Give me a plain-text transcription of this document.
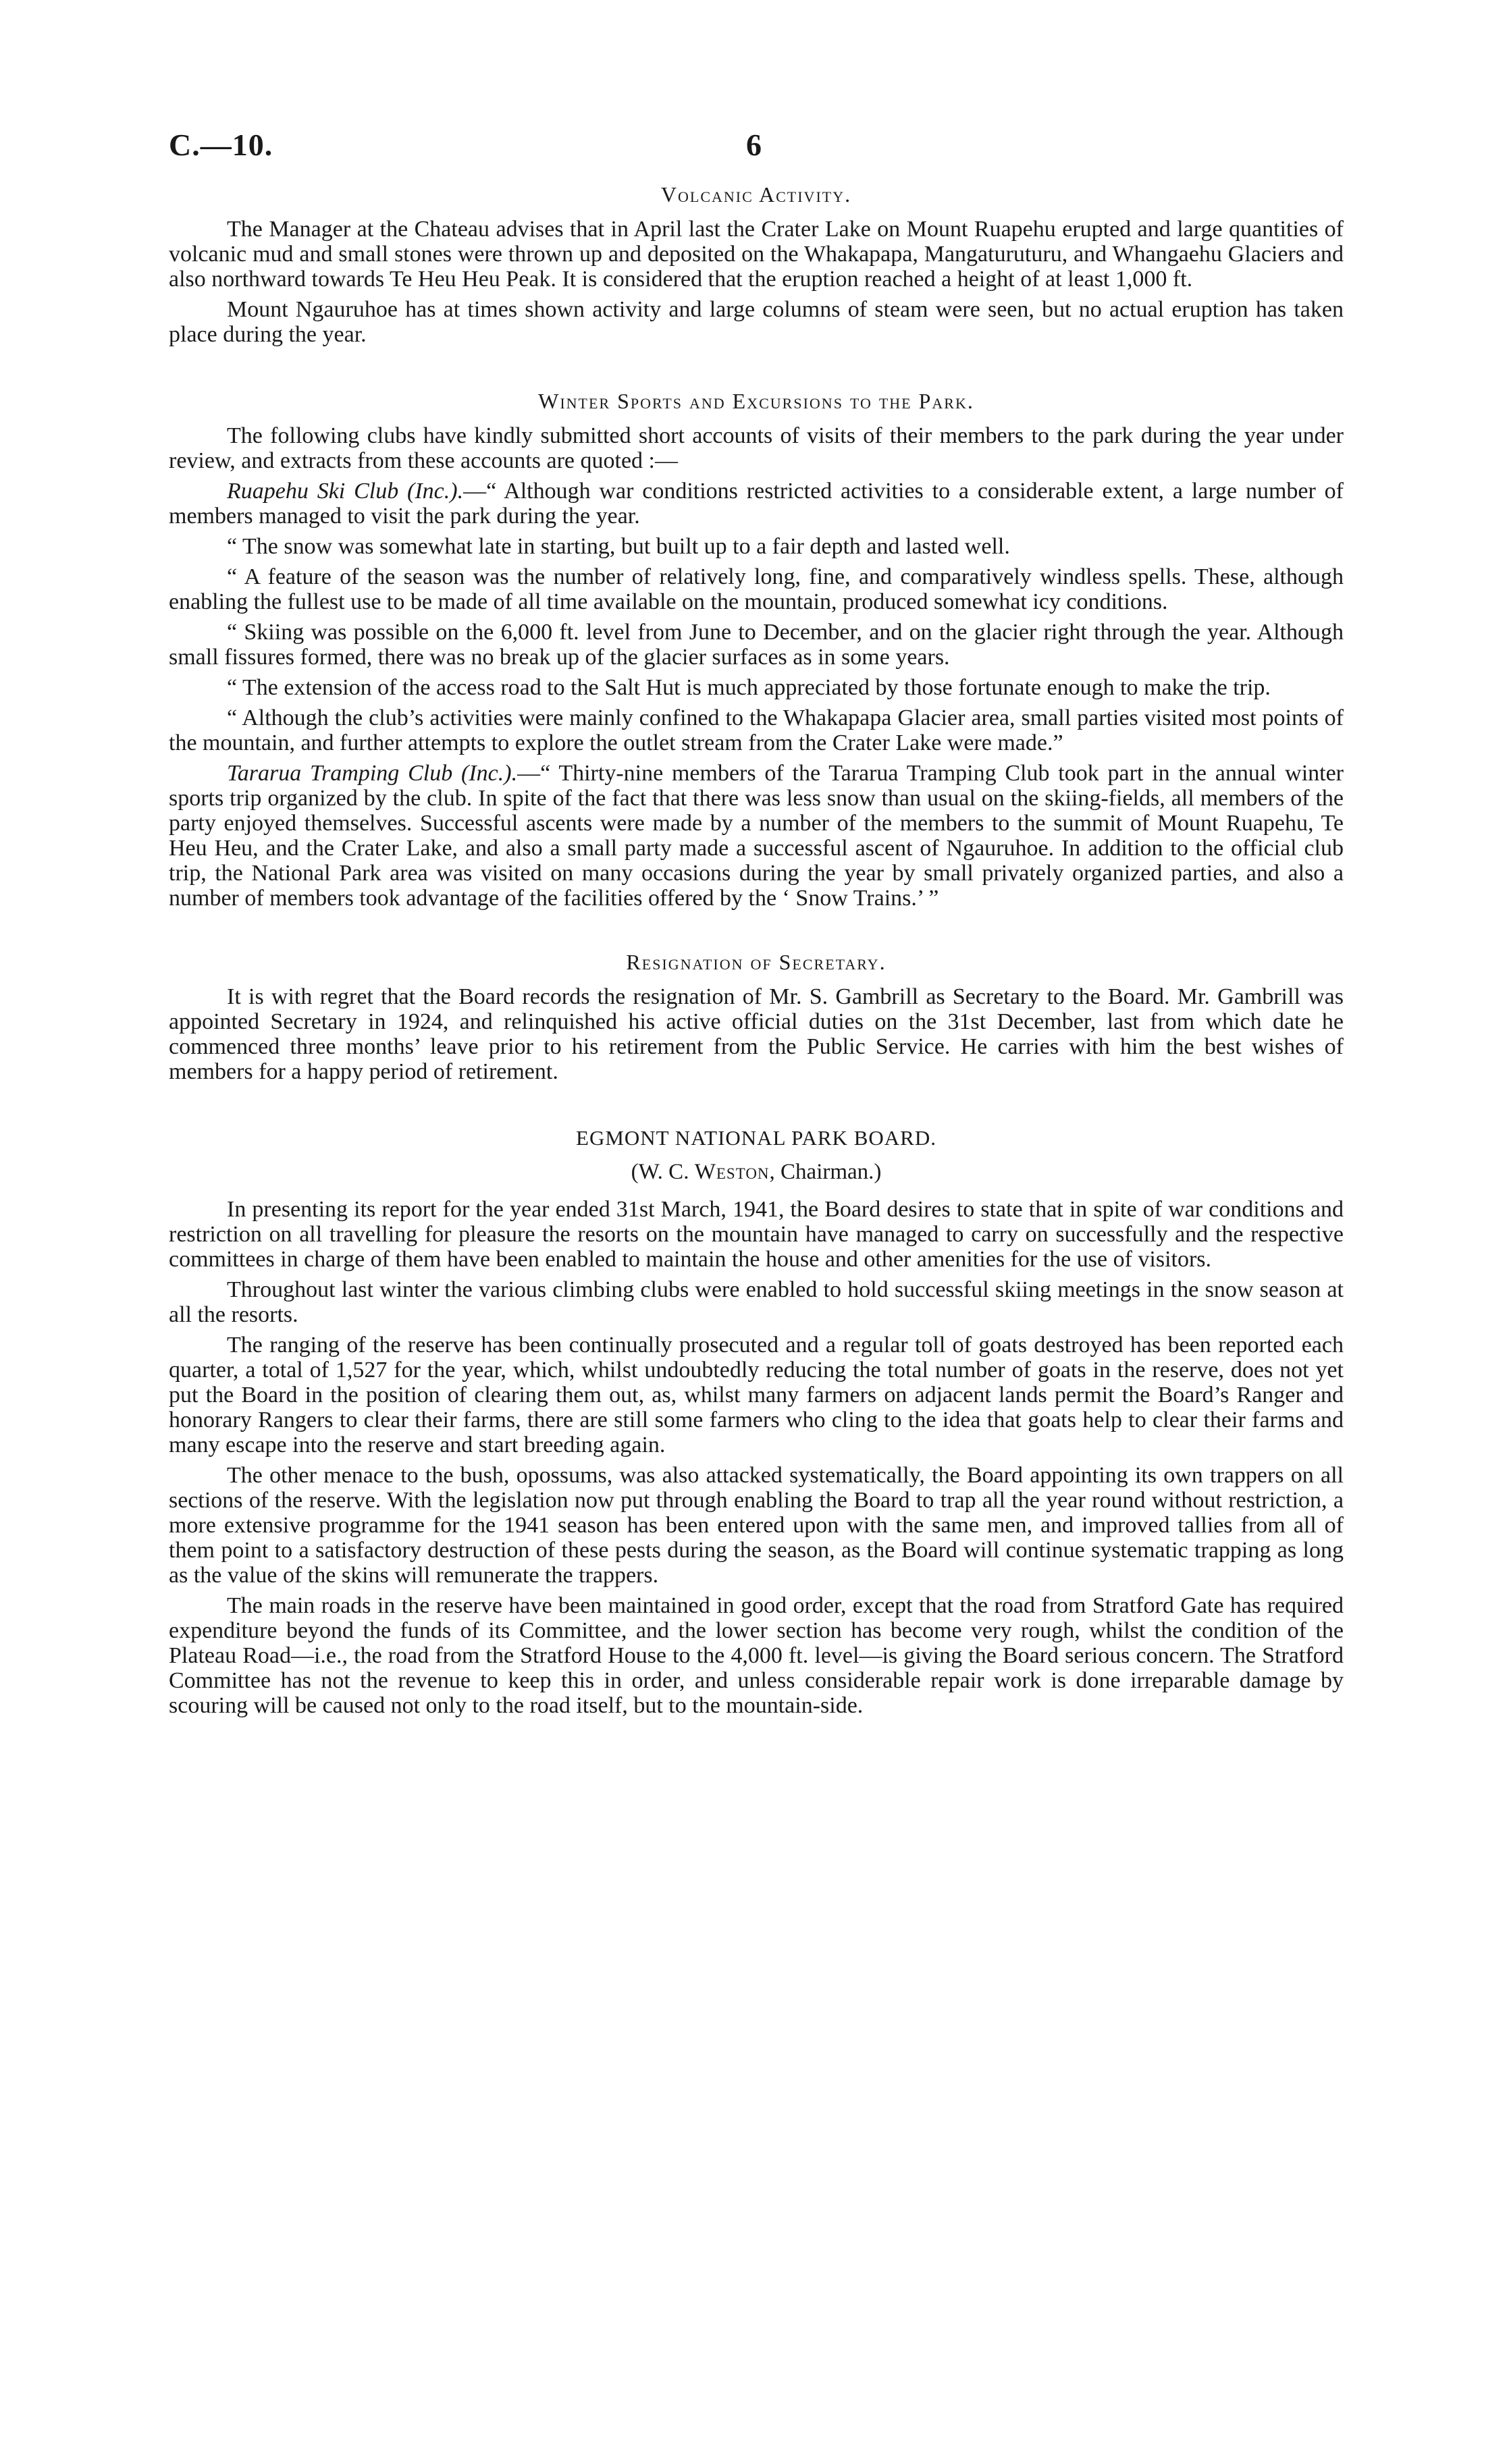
C.—10.	6
Volcanic Activity.

The Manager at the Chateau advises that in April last the Crater Lake on Mount Ruapehu erupted and large quantities of volcanic mud and small stones were thrown up and deposited on the Whakapapa, Mangaturuturu, and Whangaehu Glaciers and also northward towards Te Heu Heu Peak. It is considered that the eruption reached a height of at least 1,000 ft.

Mount Ngauruhoe has at times shown activity and large columns of steam were seen, but no actual eruption has taken place during the year.

Winter Sports and Excursions to the Park.

The following clubs have kindly submitted short accounts of visits of their members to the park during the year under review, and extracts from these accounts are quoted :—

Ruapehu Ski Club (Inc.).—“ Although war conditions restricted activities to a considerable extent, a large number of members managed to visit the park during the year.

“ The snow was somewhat late in starting, but built up to a fair depth and lasted well.

“ A feature of the season was the number of relatively long, fine, and comparatively windless spells. These, although enabling the fullest use to be made of all time available on the mountain, produced somewhat icy conditions.

“ Skiing was possible on the 6,000 ft. level from June to December, and on the glacier right through the year. Although small fissures formed, there was no break up of the glacier surfaces as in some years.

“ The extension of the access road to the Salt Hut is much appreciated by those fortunate enough to make the trip.

“ Although the club’s activities were mainly confined to the Whakapapa Glacier area, small parties visited most points of the mountain, and further attempts to explore the outlet stream from the Crater Lake were made.”

Tararua Tramping Club (Inc.).—“ Thirty-nine members of the Tararua Tramping Club took part in the annual winter sports trip organized by the club. In spite of the fact that there was less snow than usual on the skiing-fields, all members of the party enjoyed themselves. Successful ascents were made by a number of the members to the summit of Mount Ruapehu, Te Heu Heu, and the Crater Lake, and also a small party made a successful ascent of Ngauruhoe. In addition to the official club trip, the National Park area was visited on many occasions during the year by small privately organized parties, and also a number of members took advantage of the facilities offered by the ‘ Snow Trains.’ ”

Resignation of Secretary.

It is with regret that the Board records the resignation of Mr. S. Gambrill as Secretary to the Board. Mr. Gambrill was appointed Secretary in 1924, and relinquished his active official duties on the 31st December, last from which date he commenced three months’ leave prior to his retirement from the Public Service. He carries with him the best wishes of members for a happy period of retirement.

EGMONT NATIONAL PARK BOARD.
(W. C. Weston, Chairman.)

In presenting its report for the year ended 31st March, 1941, the Board desires to state that in spite of war conditions and restriction on all travelling for pleasure the resorts on the mountain have managed to carry on successfully and the respective committees in charge of them have been enabled to maintain the house and other amenities for the use of visitors.

Throughout last winter the various climbing clubs were enabled to hold successful skiing meetings in the snow season at all the resorts.

The ranging of the reserve has been continually prosecuted and a regular toll of goats destroyed has been reported each quarter, a total of 1,527 for the year, which, whilst undoubtedly reducing the total number of goats in the reserve, does not yet put the Board in the position of clearing them out, as, whilst many farmers on adjacent lands permit the Board’s Ranger and honorary Rangers to clear their farms, there are still some farmers who cling to the idea that goats help to clear their farms and many escape into the reserve and start breeding again.

The other menace to the bush, opossums, was also attacked systematically, the Board appointing its own trappers on all sections of the reserve. With the legislation now put through enabling the Board to trap all the year round without restriction, a more extensive programme for the 1941 season has been entered upon with the same men, and improved tallies from all of them point to a satisfactory destruction of these pests during the season, as the Board will continue systematic trapping as long as the value of the skins will remunerate the trappers.

The main roads in the reserve have been maintained in good order, except that the road from Stratford Gate has required expenditure beyond the funds of its Committee, and the lower section has become very rough, whilst the condition of the Plateau Road—i.e., the road from the Stratford House to the 4,000 ft. level—is giving the Board serious concern. The Stratford Committee has not the revenue to keep this in order, and unless considerable repair work is done irreparable damage by scouring will be caused not only to the road itself, but to the mountain-side.
